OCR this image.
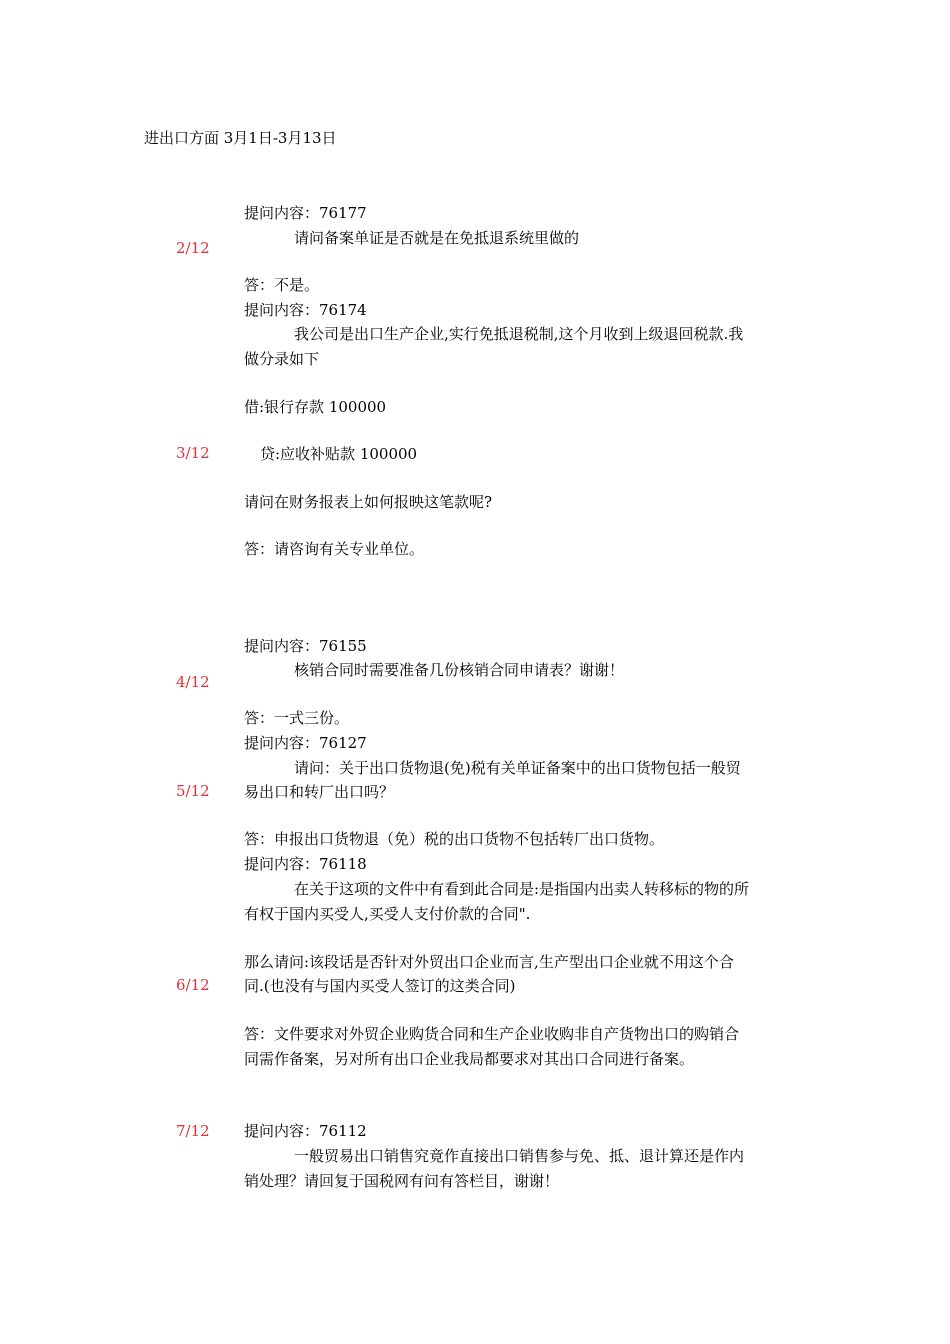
进出口方面 3月1日-3月13日
2/12
3/12
4/12
5/12
6/12
7/12
提问内容：76177
请问备案单证是否就是在免抵退系统里做的
答：不是。
提问内容：76174
我公司是出口生产企业,实行免抵退税制,这个月收到上级退回税款.我
做分录如下
借:银行存款 100000
贷:应收补贴款 100000
请问在财务报表上如何报映这笔款呢?
答：请咨询有关专业单位。
提问内容：76155
核销合同时需要准备几份核销合同申请表？谢谢！
答：一式三份。
提问内容：76127
请问：关于出口货物退(免)税有关单证备案中的出口货物包括一般贸
易出口和转厂出口吗？
答：申报出口货物退（免）税的出口货物不包括转厂出口货物。
提问内容：76118
在关于这项的文件中有看到此合同是:是指国内出卖人转移标的物的所
有权于国内买受人,买受人支付价款的合同".
那么请问:该段话是否针对外贸出口企业而言,生产型出口企业就不用这个合
同.(也没有与国内买受人签订的这类合同)
答：文件要求对外贸企业购货合同和生产企业收购非自产货物出口的购销合
同需作备案，另对所有出口企业我局都要求对其出口合同进行备案。
提问内容：76112
一般贸易出口销售究竟作直接出口销售参与免、抵、退计算还是作内
销处理？请回复于国税网有问有答栏目，谢谢！
